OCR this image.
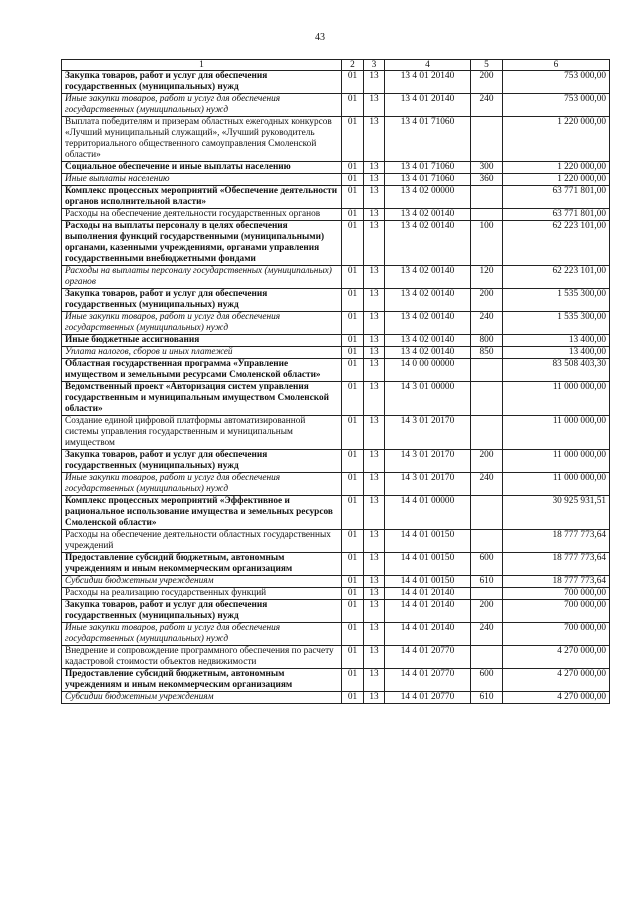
43
1	2	3	4	5	6
Закупка товаров, работ и услуг для обеспечения государственных (муниципальных) нужд	01	13	13 4 01 20140	200	753 000,00
Иные закупки товаров, работ и услуг для обеспечения государственных (муниципальных) нужд	01	13	13 4 01 20140	240	753 000,00
Выплата победителям и призерам областных ежегодных конкурсов «Лучший муниципальный служащий», «Лучший руководитель территориального общественного самоуправления Смоленской области»	01	13	13 4 01 71060		1 220 000,00
Социальное обеспечение и иные выплаты населению	01	13	13 4 01 71060	300	1 220 000,00
Иные выплаты населению	01	13	13 4 01 71060	360	1 220 000,00
Комплекс процессных мероприятий «Обеспечение деятельности органов исполнительной власти»	01	13	13 4 02 00000		63 771 801,00
Расходы на обеспечение деятельности государственных органов	01	13	13 4 02 00140		63 771 801,00
Расходы на выплаты персоналу в целях обеспечения выполнения функций государственными (муниципальными) органами, казенными учреждениями, органами управления государственными внебюджетными фондами	01	13	13 4 02 00140	100	62 223 101,00
Расходы на выплаты персоналу государственных (муниципальных) органов	01	13	13 4 02 00140	120	62 223 101,00
Закупка товаров, работ и услуг для обеспечения государственных (муниципальных) нужд	01	13	13 4 02 00140	200	1 535 300,00
Иные закупки товаров, работ и услуг для обеспечения государственных (муниципальных) нужд	01	13	13 4 02 00140	240	1 535 300,00
Иные бюджетные ассигнования	01	13	13 4 02 00140	800	13 400,00
Уплата налогов, сборов и иных платежей	01	13	13 4 02 00140	850	13 400,00
Областная государственная программа «Управление имуществом и земельными ресурсами Смоленской области»	01	13	14 0 00 00000		83 508 403,30
Ведомственный проект «Авторизация систем управления государственным и муниципальным имуществом Смоленской области»	01	13	14 3 01 00000		11 000 000,00
Создание единой цифровой платформы автоматизированной системы управления государственным и муниципальным имуществом	01	13	14 3 01 20170		11 000 000,00
Закупка товаров, работ и услуг для обеспечения государственных (муниципальных) нужд	01	13	14 3 01 20170	200	11 000 000,00
Иные закупки товаров, работ и услуг для обеспечения государственных (муниципальных) нужд	01	13	14 3 01 20170	240	11 000 000,00
Комплекс процессных мероприятий «Эффективное и рациональное использование имущества и земельных ресурсов Смоленской области»	01	13	14 4 01 00000		30 925 931,51
Расходы на обеспечение деятельности областных государственных учреждений	01	13	14 4 01 00150		18 777 773,64
Предоставление субсидий бюджетным, автономным учреждениям и иным некоммерческим организациям	01	13	14 4 01 00150	600	18 777 773,64
Субсидии бюджетным учреждениям	01	13	14 4 01 00150	610	18 777 773,64
Расходы на реализацию государственных функций	01	13	14 4 01 20140		700 000,00
Закупка товаров, работ и услуг для обеспечения государственных (муниципальных) нужд	01	13	14 4 01 20140	200	700 000,00
Иные закупки товаров, работ и услуг для обеспечения государственных (муниципальных) нужд	01	13	14 4 01 20140	240	700 000,00
Внедрение и сопровождение программного обеспечения по расчету кадастровой стоимости объектов недвижимости	01	13	14 4 01 20770		4 270 000,00
Предоставление субсидий бюджетным, автономным учреждениям и иным некоммерческим организациям	01	13	14 4 01 20770	600	4 270 000,00
Субсидии бюджетным учреждениям	01	13	14 4 01 20770	610	4 270 000,00
